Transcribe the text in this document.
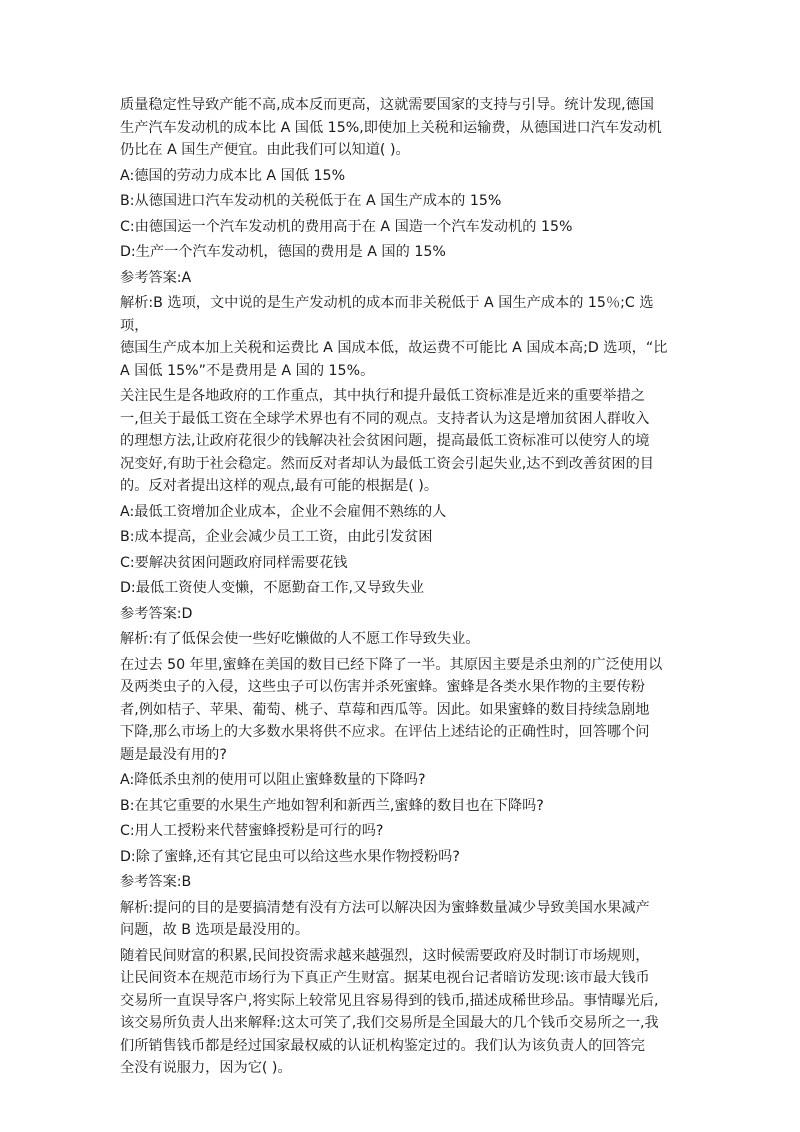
质量稳定性导致产能不高,成本反而更高，这就需要国家的支持与引导。统计发现,德国

生产汽车发动机的成本比 A 国低 15%,即使加上关税和运输费，从德国进口汽车发动机

仍比在 A 国生产便宜。由此我们可以知道( )。

A:德国的劳动力成本比 A 国低 15%

B:从德国进口汽车发动机的关税低于在 A 国生产成本的 15%

C:由德国运一个汽车发动机的费用高于在 A 国造一个汽车发动机的 15%

D:生产一个汽车发动机，德国的费用是 A 国的 15%

参考答案:A

解析:B 选项，文中说的是生产发动机的成本而非关税低于 A 国生产成本的 15％;C 选项，

德国生产成本加上关税和运费比 A 国成本低，故运费不可能比 A 国成本高;D 选项，“比

A 国低 15%”不是费用是 A 国的 15%。

关注民生是各地政府的工作重点，其中执行和提升最低工资标准是近来的重要举措之

一,但关于最低工资在全球学术界也有不同的观点。支持者认为这是增加贫困人群收入

的理想方法,让政府花很少的钱解决社会贫困问题，提高最低工资标准可以使穷人的境

况变好,有助于社会稳定。然而反对者却认为最低工资会引起失业,达不到改善贫困的目

的。反对者提出这样的观点,最有可能的根据是( )。

A:最低工资增加企业成本，企业不会雇佣不熟练的人

B:成本提高，企业会减少员工工资，由此引发贫困

C:要解决贫困问题政府同样需要花钱

D:最低工资使人变懒，不愿勤奋工作,又导致失业

参考答案:D

解析:有了低保会使一些好吃懒做的人不愿工作导致失业。

在过去 50 年里,蜜蜂在美国的数目已经下降了一半。其原因主要是杀虫剂的广泛使用以

及两类虫子的入侵，这些虫子可以伤害并杀死蜜蜂。蜜蜂是各类水果作物的主要传粉

者,例如桔子、苹果、葡萄、桃子、草莓和西瓜等。因此。如果蜜蜂的数目持续急剧地

下降,那么市场上的大多数水果将供不应求。在评估上述结论的正确性时，回答哪个问

题是最没有用的?

A:降低杀虫剂的使用可以阻止蜜蜂数量的下降吗?

B:在其它重要的水果生产地如智利和新西兰,蜜蜂的数目也在下降吗?

C:用人工授粉来代替蜜蜂授粉是可行的吗?

D:除了蜜蜂,还有其它昆虫可以给这些水果作物授粉吗?

参考答案:B

解析:提问的目的是要搞清楚有没有方法可以解决因为蜜蜂数量减少导致美国水果减产

问题，故 B 选项是最没用的。

随着民间财富的积累,民间投资需求越来越强烈，这时候需要政府及时制订市场规则，

让民间资本在规范市场行为下真正产生财富。据某电视台记者暗访发现:该市最大钱币

交易所一直误导客户,将实际上较常见且容易得到的钱币,描述成稀世珍品。事情曝光后,

该交易所负责人出来解释:这太可笑了,我们交易所是全国最大的几个钱币交易所之一,我

们所销售钱币都是经过国家最权威的认证机构鉴定过的。我们认为该负责人的回答完

全没有说服力，因为它( )。
